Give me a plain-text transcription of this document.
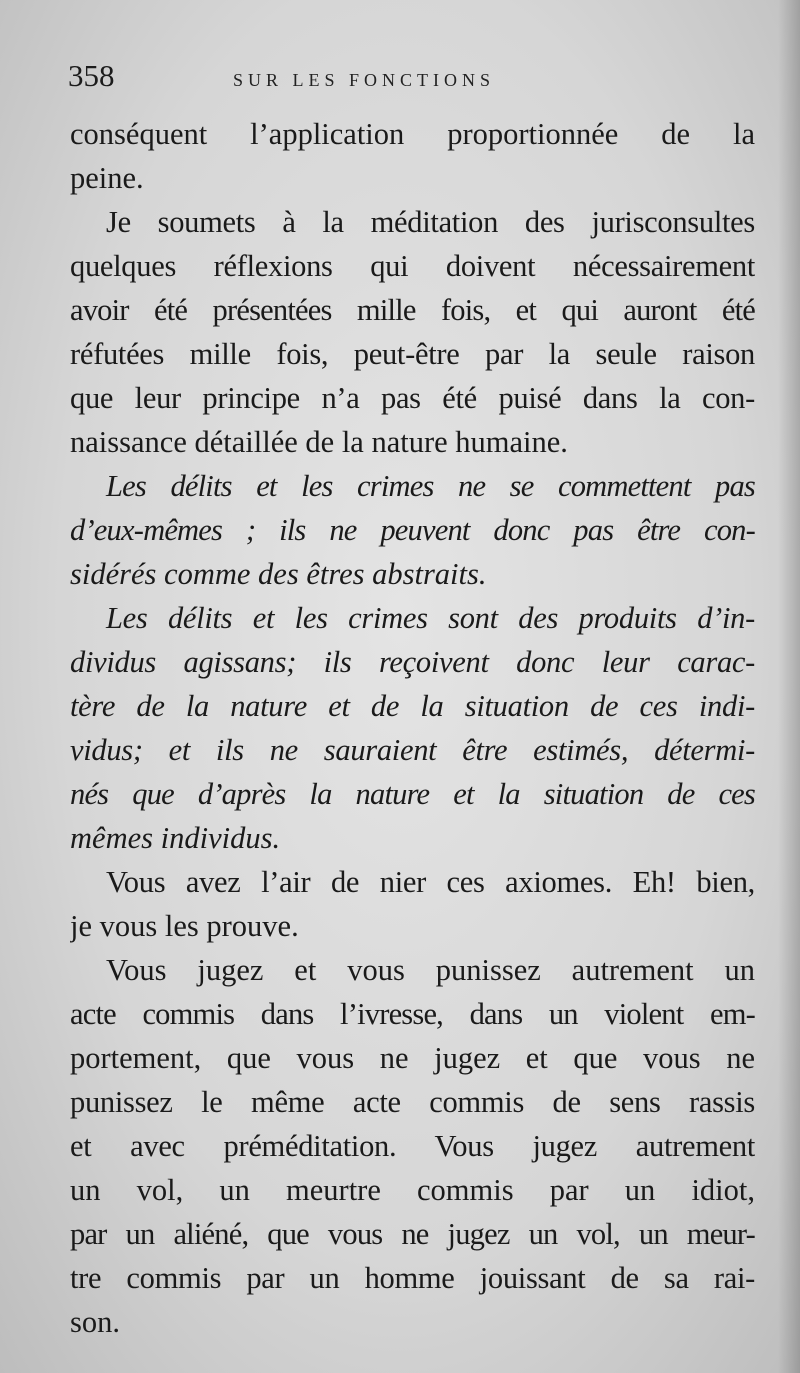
358	SUR LES FONCTIONS
conséquent l’application proportionnée de la
peine.
Je soumets à la méditation des jurisconsultes
quelques réflexions qui doivent nécessairement
avoir été présentées mille fois, et qui auront été
réfutées mille fois, peut-être par la seule raison
que leur principe n’a pas été puisé dans la con-
naissance détaillée de la nature humaine.
Les délits et les crimes ne se commettent pas
d’eux-mêmes ; ils ne peuvent donc pas être con-
sidérés comme des êtres abstraits.
Les délits et les crimes sont des produits d’in-
dividus agissans; ils reçoivent donc leur carac-
tère de la nature et de la situation de ces indi-
vidus; et ils ne sauraient être estimés, détermi-
nés que d’après la nature et la situation de ces
mêmes individus.
Vous avez l’air de nier ces axiomes. Eh! bien,
je vous les prouve.
Vous jugez et vous punissez autrement un
acte commis dans l’ivresse, dans un violent em-
portement, que vous ne jugez et que vous ne
punissez le même acte commis de sens rassis
et avec préméditation. Vous jugez autrement
un vol, un meurtre commis par un idiot,
par un aliéné, que vous ne jugez un vol, un meur-
tre commis par un homme jouissant de sa rai-
son.
